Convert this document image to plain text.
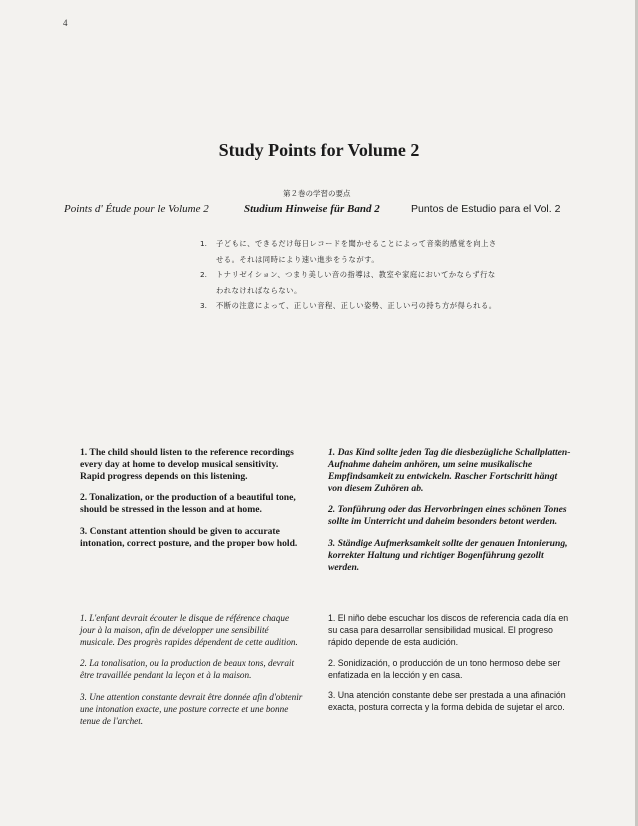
4
Study Points for Volume 2
第２巻の学習の要点
Points d' Étude pour le Volume 2	Studium Hinweise für Band 2	Puntos de Estudio para el Vol. 2
1.	子どもに、できるだけ毎日レコードを聞かせることによって音楽的感覚を向上させる。それは同時により速い進歩をうながす。
2.	トナリゼイション、つまり美しい音の指導は、教室や家庭においてかならず行なわれなければならない。
3.	不断の注意によって、正しい音程、正しい姿勢、正しい弓の持ち方が得られる。

1. The child should listen to the reference recordings every day at home to develop musical sensitivity. Rapid progress depends on this listening.

2. Tonalization, or the production of a beautiful tone, should be stressed in the lesson and at home.

3. Constant attention should be given to accurate intonation, correct posture, and the proper bow hold.

1. Das Kind sollte jeden Tag die diesbezügliche Schallplatten-Aufnahme daheim anhören, um seine musikalische Empfindsamkeit zu entwickeln. Rascher Fortschritt hängt von diesem Zuhören ab.

2. Tonführung oder das Hervorbringen eines schönen Tones sollte im Unterricht und daheim besonders betont werden.

3. Ständige Aufmerksamkeit sollte der genauen Intonierung, korrekter Haltung und richtiger Bogenführung gezollt werden.

1. L'enfant devrait écouter le disque de référence chaque jour à la maison, afin de développer une sensibilité musicale. Des progrès rapides dépendent de cette audition.

2. La tonalisation, ou la production de beaux tons, devrait être travaillée pendant la leçon et à la maison.

3. Une attention constante devrait être donnée afin d'obtenir une intonation exacte, une posture correcte et une bonne tenue de l'archet.

1. El niño debe escuchar los discos de referencia cada día en su casa para desarrollar sensibilidad musical. El progreso rápido depende de esta audición.

2. Sonidización, o producción de un tono hermoso debe ser enfatizada en la lección y en casa.

3. Una atención constante debe ser prestada a una afinación exacta, postura correcta y la forma debida de sujetar el arco.
